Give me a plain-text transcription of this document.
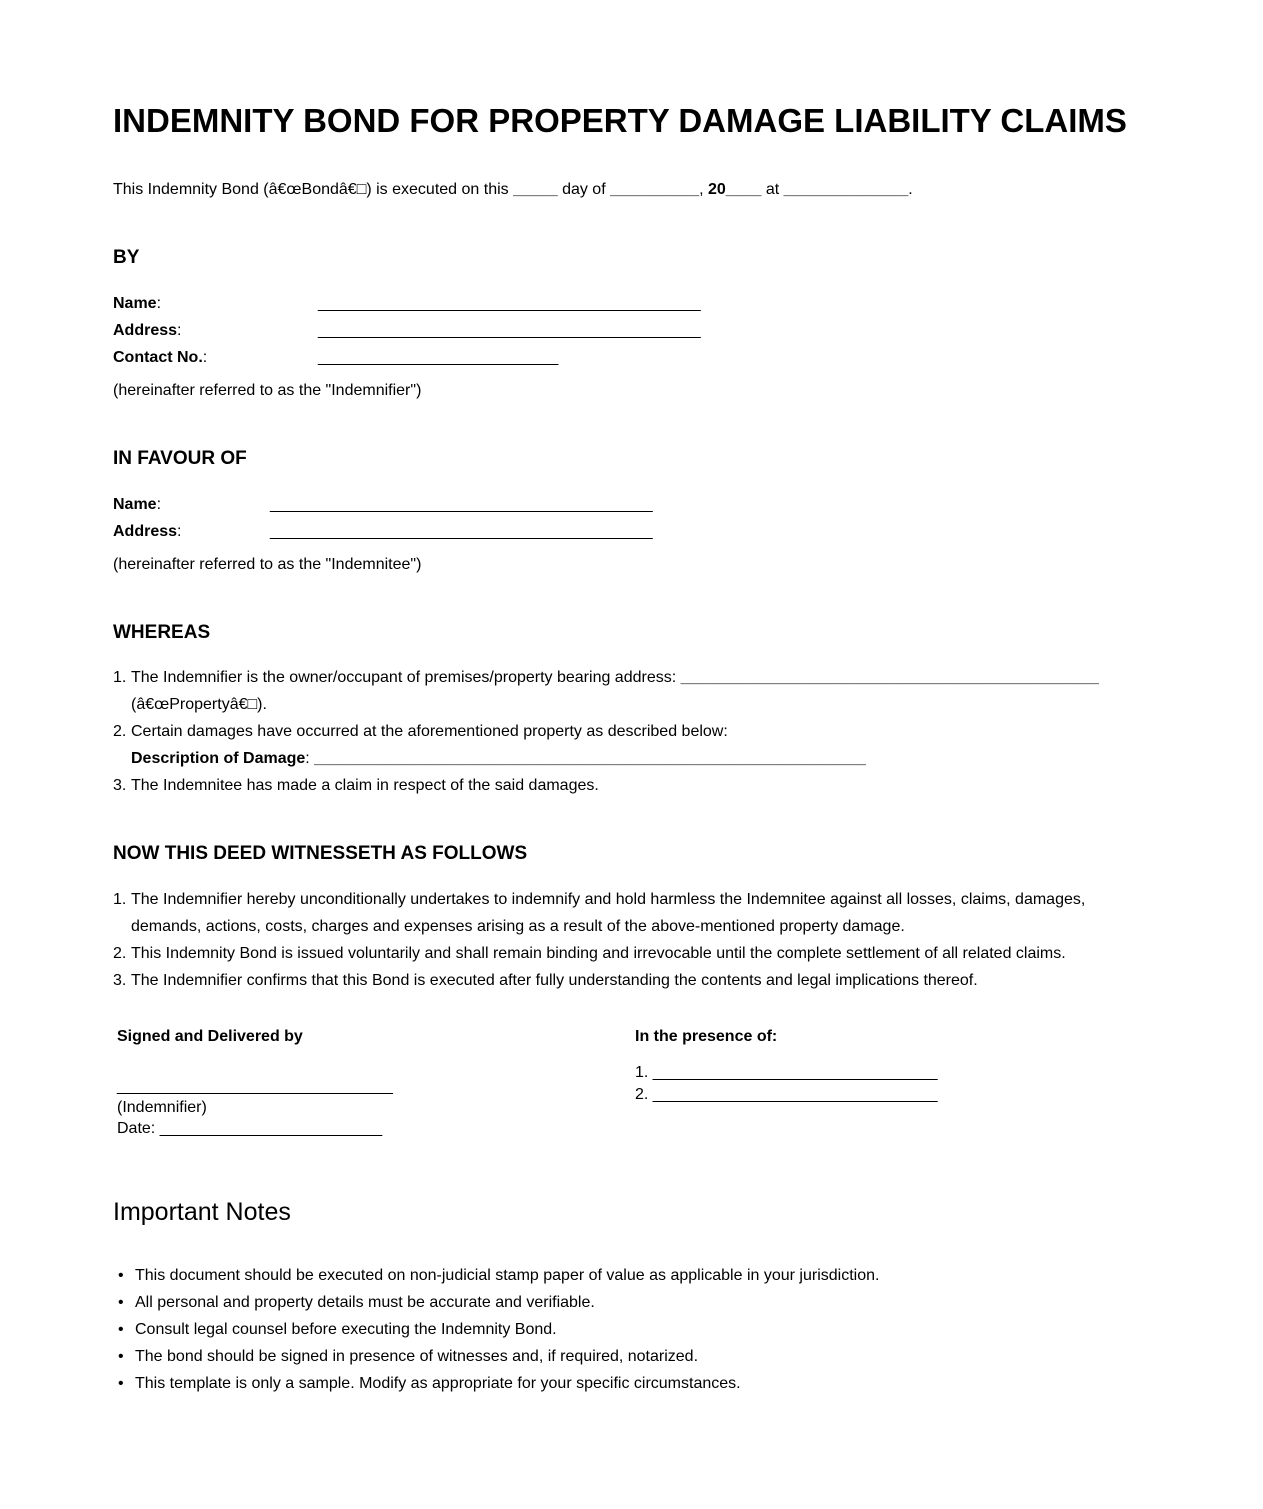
INDEMNITY BOND FOR PROPERTY DAMAGE LIABILITY CLAIMS

This Indemnity Bond (â€œBondâ€□) is executed on this _____ day of __________, 20____ at ______________.

BY
Name:	___________________________________________
Address:	___________________________________________
Contact No.:	___________________________
(hereinafter referred to as the "Indemnifier")
IN FAVOUR OF
Name:	___________________________________________
Address:	___________________________________________
(hereinafter referred to as the "Indemnitee")
WHEREAS
1. The Indemnifier is the owner/occupant of premises/property bearing address: _______________________________________________ (â€œPropertyâ€□).
2. Certain damages have occurred at the aforementioned property as described below:
Description of Damage: ______________________________________________________________
3. The Indemnitee has made a claim in respect of the said damages.
NOW THIS DEED WITNESSETH AS FOLLOWS
1. The Indemnifier hereby unconditionally undertakes to indemnify and hold harmless the Indemnitee against all losses, claims, damages, demands, actions, costs, charges and expenses arising as a result of the above-mentioned property damage.
2. This Indemnity Bond is issued voluntarily and shall remain binding and irrevocable until the complete settlement of all related claims.
3. The Indemnifier confirms that this Bond is executed after fully understanding the contents and legal implications thereof.
Signed and Delivered by
_______________________________
(Indemnifier)
Date: _________________________
In the presence of:
1. ________________________________
2. ________________________________
Important Notes
• This document should be executed on non-judicial stamp paper of value as applicable in your jurisdiction.
• All personal and property details must be accurate and verifiable.
• Consult legal counsel before executing the Indemnity Bond.
• The bond should be signed in presence of witnesses and, if required, notarized.
• This template is only a sample. Modify as appropriate for your specific circumstances.
